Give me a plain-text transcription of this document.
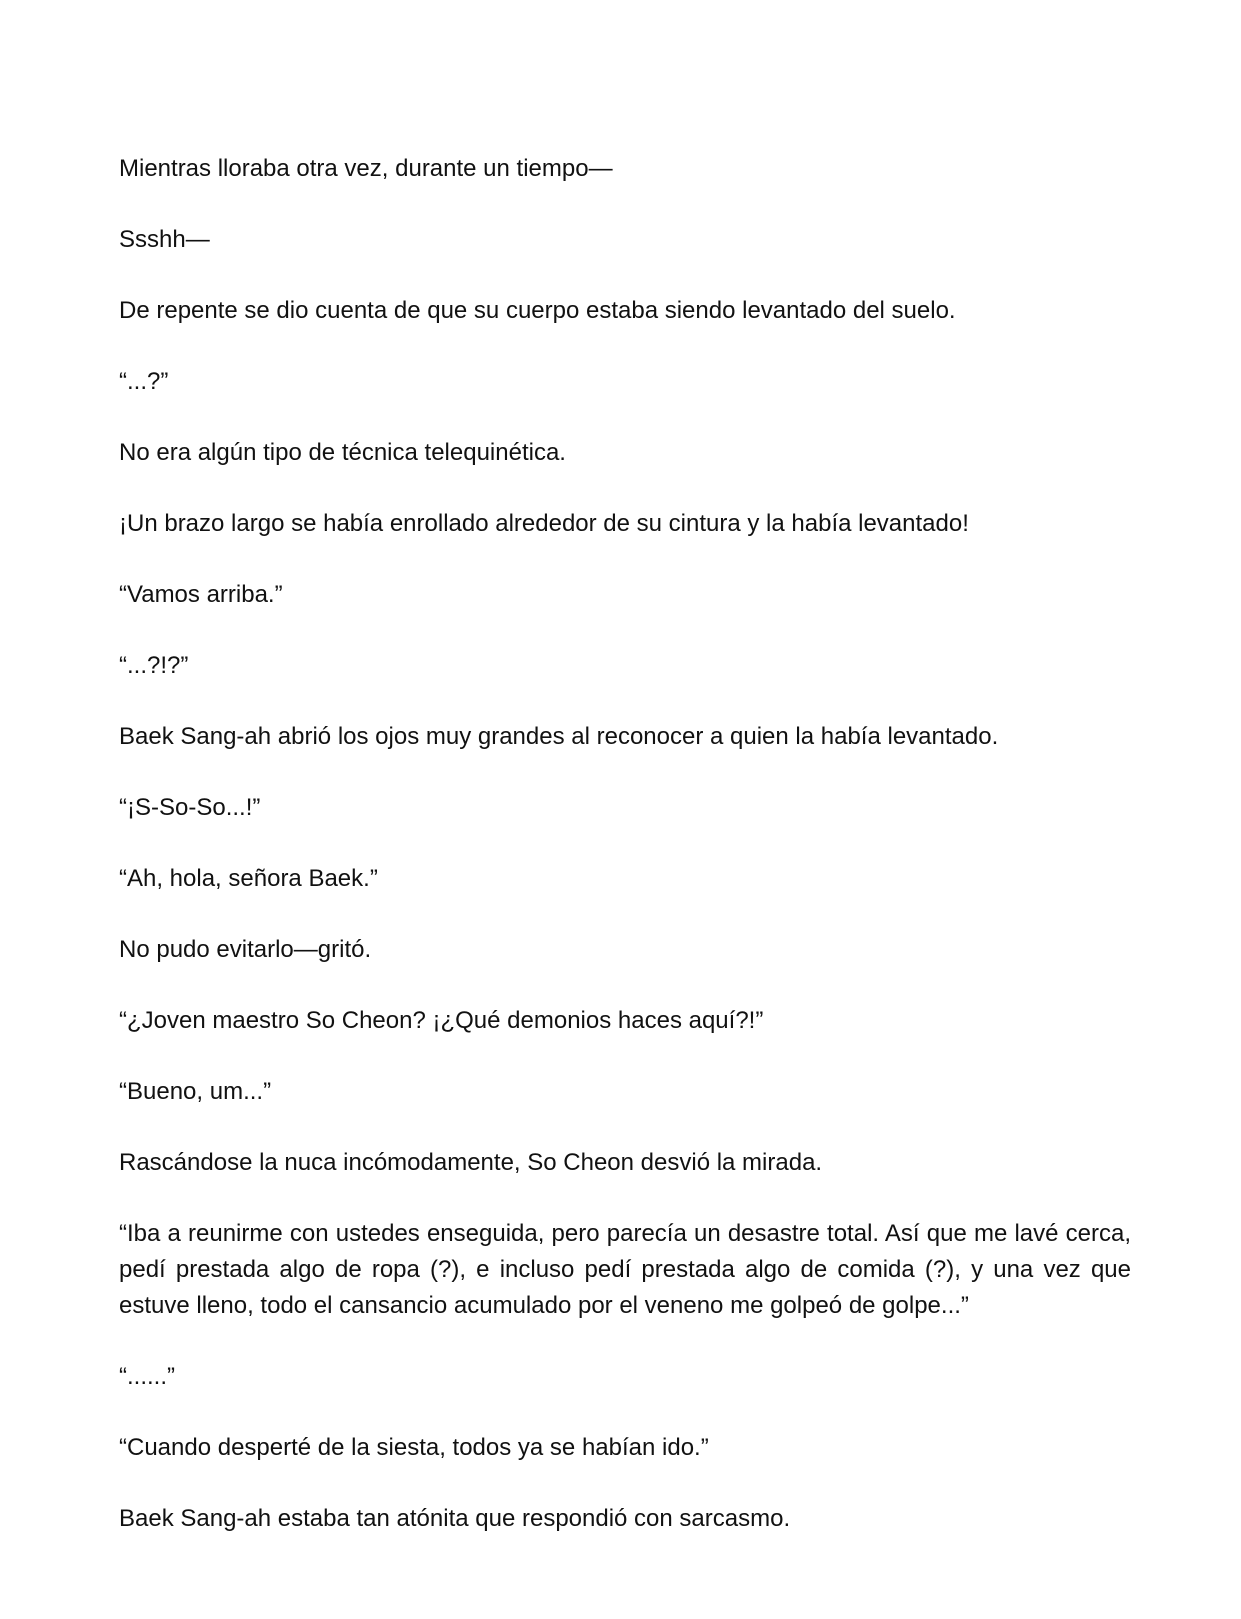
Mientras lloraba otra vez, durante un tiempo—

Ssshh—

De repente se dio cuenta de que su cuerpo estaba siendo levantado del suelo.

“...?”

No era algún tipo de técnica telequinética.

¡Un brazo largo se había enrollado alrededor de su cintura y la había levantado!

“Vamos arriba.”

“...?!?”

Baek Sang-ah abrió los ojos muy grandes al reconocer a quien la había levantado.

“¡S-So-So...!”

“Ah, hola, señora Baek.”

No pudo evitarlo—gritó.

“¿Joven maestro So Cheon? ¡¿Qué demonios haces aquí?!”

“Bueno, um...”

Rascándose la nuca incómodamente, So Cheon desvió la mirada.

“Iba a reunirme con ustedes enseguida, pero parecía un desastre total. Así que me lavé cerca, pedí prestada algo de ropa (?), e incluso pedí prestada algo de comida (?), y una vez que estuve lleno, todo el cansancio acumulado por el veneno me golpeó de golpe...”

“......”

“Cuando desperté de la siesta, todos ya se habían ido.”

Baek Sang-ah estaba tan atónita que respondió con sarcasmo.
